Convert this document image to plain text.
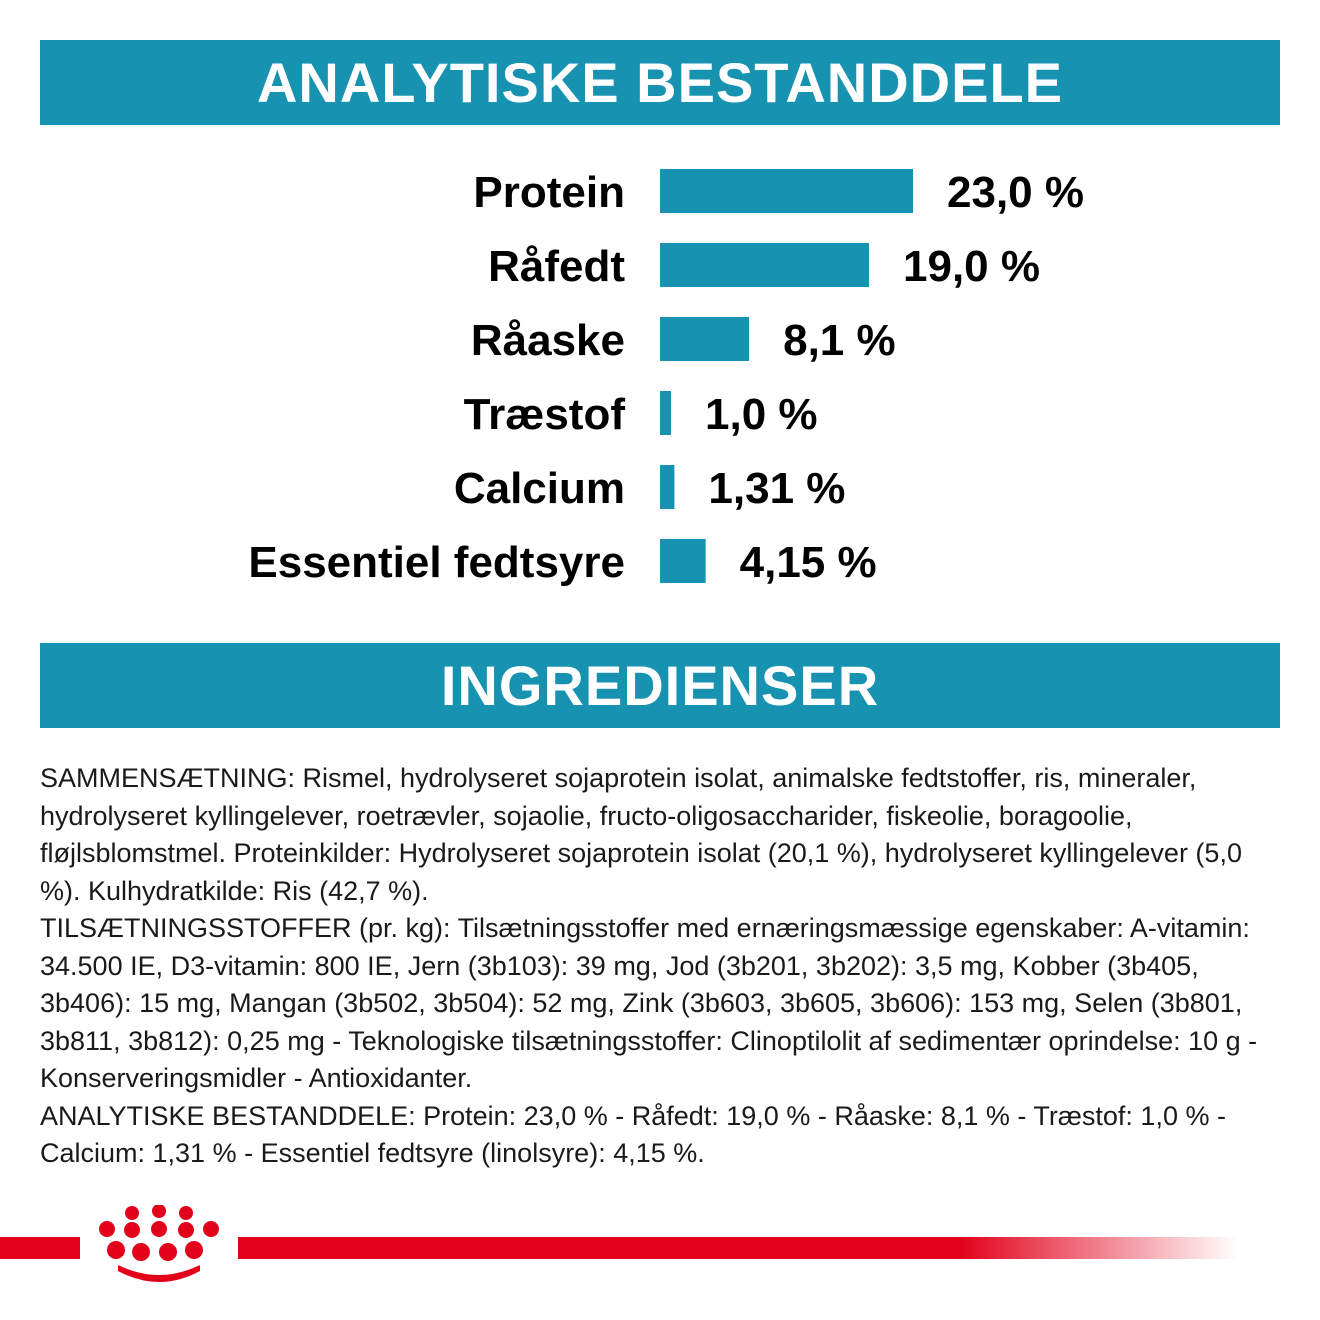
ANALYTISKE BESTANDDELE
Protein	23,0 %
Råfedt	19,0 %
Råaske	8,1 %
Træstof 1,0 %
Calcium 1,31 %
Essentiel fedtsyre	4,15 %
INGREDIENSER

SAMMENSÆTNING: Rismel, hydrolyseret sojaprotein isolat, animalske fedtstoffer, ris, mineraler, hydrolyseret kyllingelever, roetrævler, sojaolie, fructo-oligosaccharider, fiskeolie, boragoolie, fløjlsblomstmel. Proteinkilder: Hydrolyseret sojaprotein isolat (20,1 %), hydrolyseret kyllingelever (5,0 %). Kulhydratkilde: Ris (42,7 %).

TILSÆTNINGSSTOFFER (pr. kg): Tilsætningsstoffer med ernæringsmæssige egenskaber: A-vitamin: 34.500 IE, D3-vitamin: 800 IE, Jern (3b103): 39 mg, Jod (3b201, 3b202): 3,5 mg, Kobber (3b405, 3b406): 15 mg, Mangan (3b502, 3b504): 52 mg, Zink (3b603, 3b605, 3b606): 153 mg, Selen (3b801, 3b811, 3b812): 0,25 mg - Teknologiske tilsætningsstoffer: Clinoptilolit af sedimentær oprindelse: 10 g - Konserveringsmidler - Antioxidanter.

ANALYTISKE BESTANDDELE: Protein: 23,0 % - Råfedt: 19,0 % - Råaske: 8,1 % - Træstof: 1,0 % - Calcium: 1,31 % - Essentiel fedtsyre (linolsyre): 4,15 %.
